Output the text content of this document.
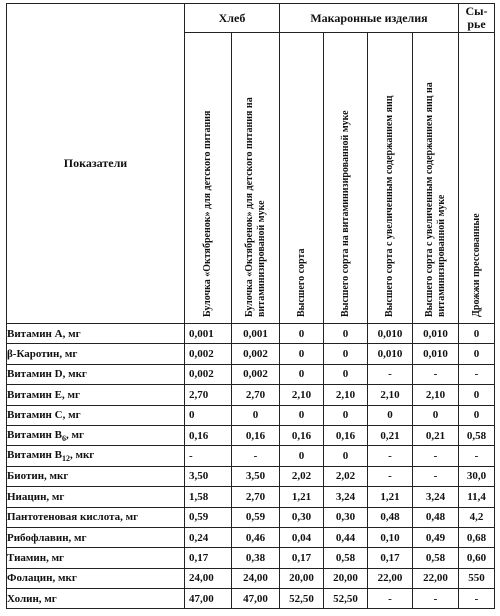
Показатели	Хлеб		Макаронные изделия				Сы-
рье

	Булочка «Октябренок» для детского питания	Булочка «Октябренок» для детского питания на витаминизированой муке	Высшего сорта	Высшего сорта на витаминизированной муке	Высшего сорта с увеличенным содержанием яиц	Высшего сорта с увеличенным содержанием яиц на витаминизированной муке	Дрожжи прессованные

Витамин А, мг	0,001	0,001	0	0	0,010	0,010	0
β-Каротин, мг	0,002	0,002	0	0	0,010	0,010	0
Витамин D, мкг	0,002	0,002	0	0	-	-	-
Витамин Е, мг	2,70	2,70	2,10	2,10	2,10	2,10	0
Витамин С, мг	0	0	0	0	0	0	0
Витамин $В_6$, мг	0,16	0,16	0,16	0,16	0,21	0,21	0,58
Витамин $В_{12}$, мкг	-	-	0	0	-	-	-
Биотин, мкг	3,50	3,50	2,02	2,02	-	-	30,0
Ниацин, мг	1,58	2,70	1,21	3,24	1,21	3,24	11,4
Пантотеновая кислота, мг	0,59	0,59	0,30	0,30	0,48	0,48	4,2
Рибофлавин, мг	0,24	0,46	0,04	0,44	0,10	0,49	0,68
Тиамин, мг	0,17	0,38	0,17	0,58	0,17	0,58	0,60
Фолацин, мкг	24,00	24,00	20,00	20,00	22,00	22,00	550
Холин, мг	47,00	47,00	52,50	52,50	-	-	-
